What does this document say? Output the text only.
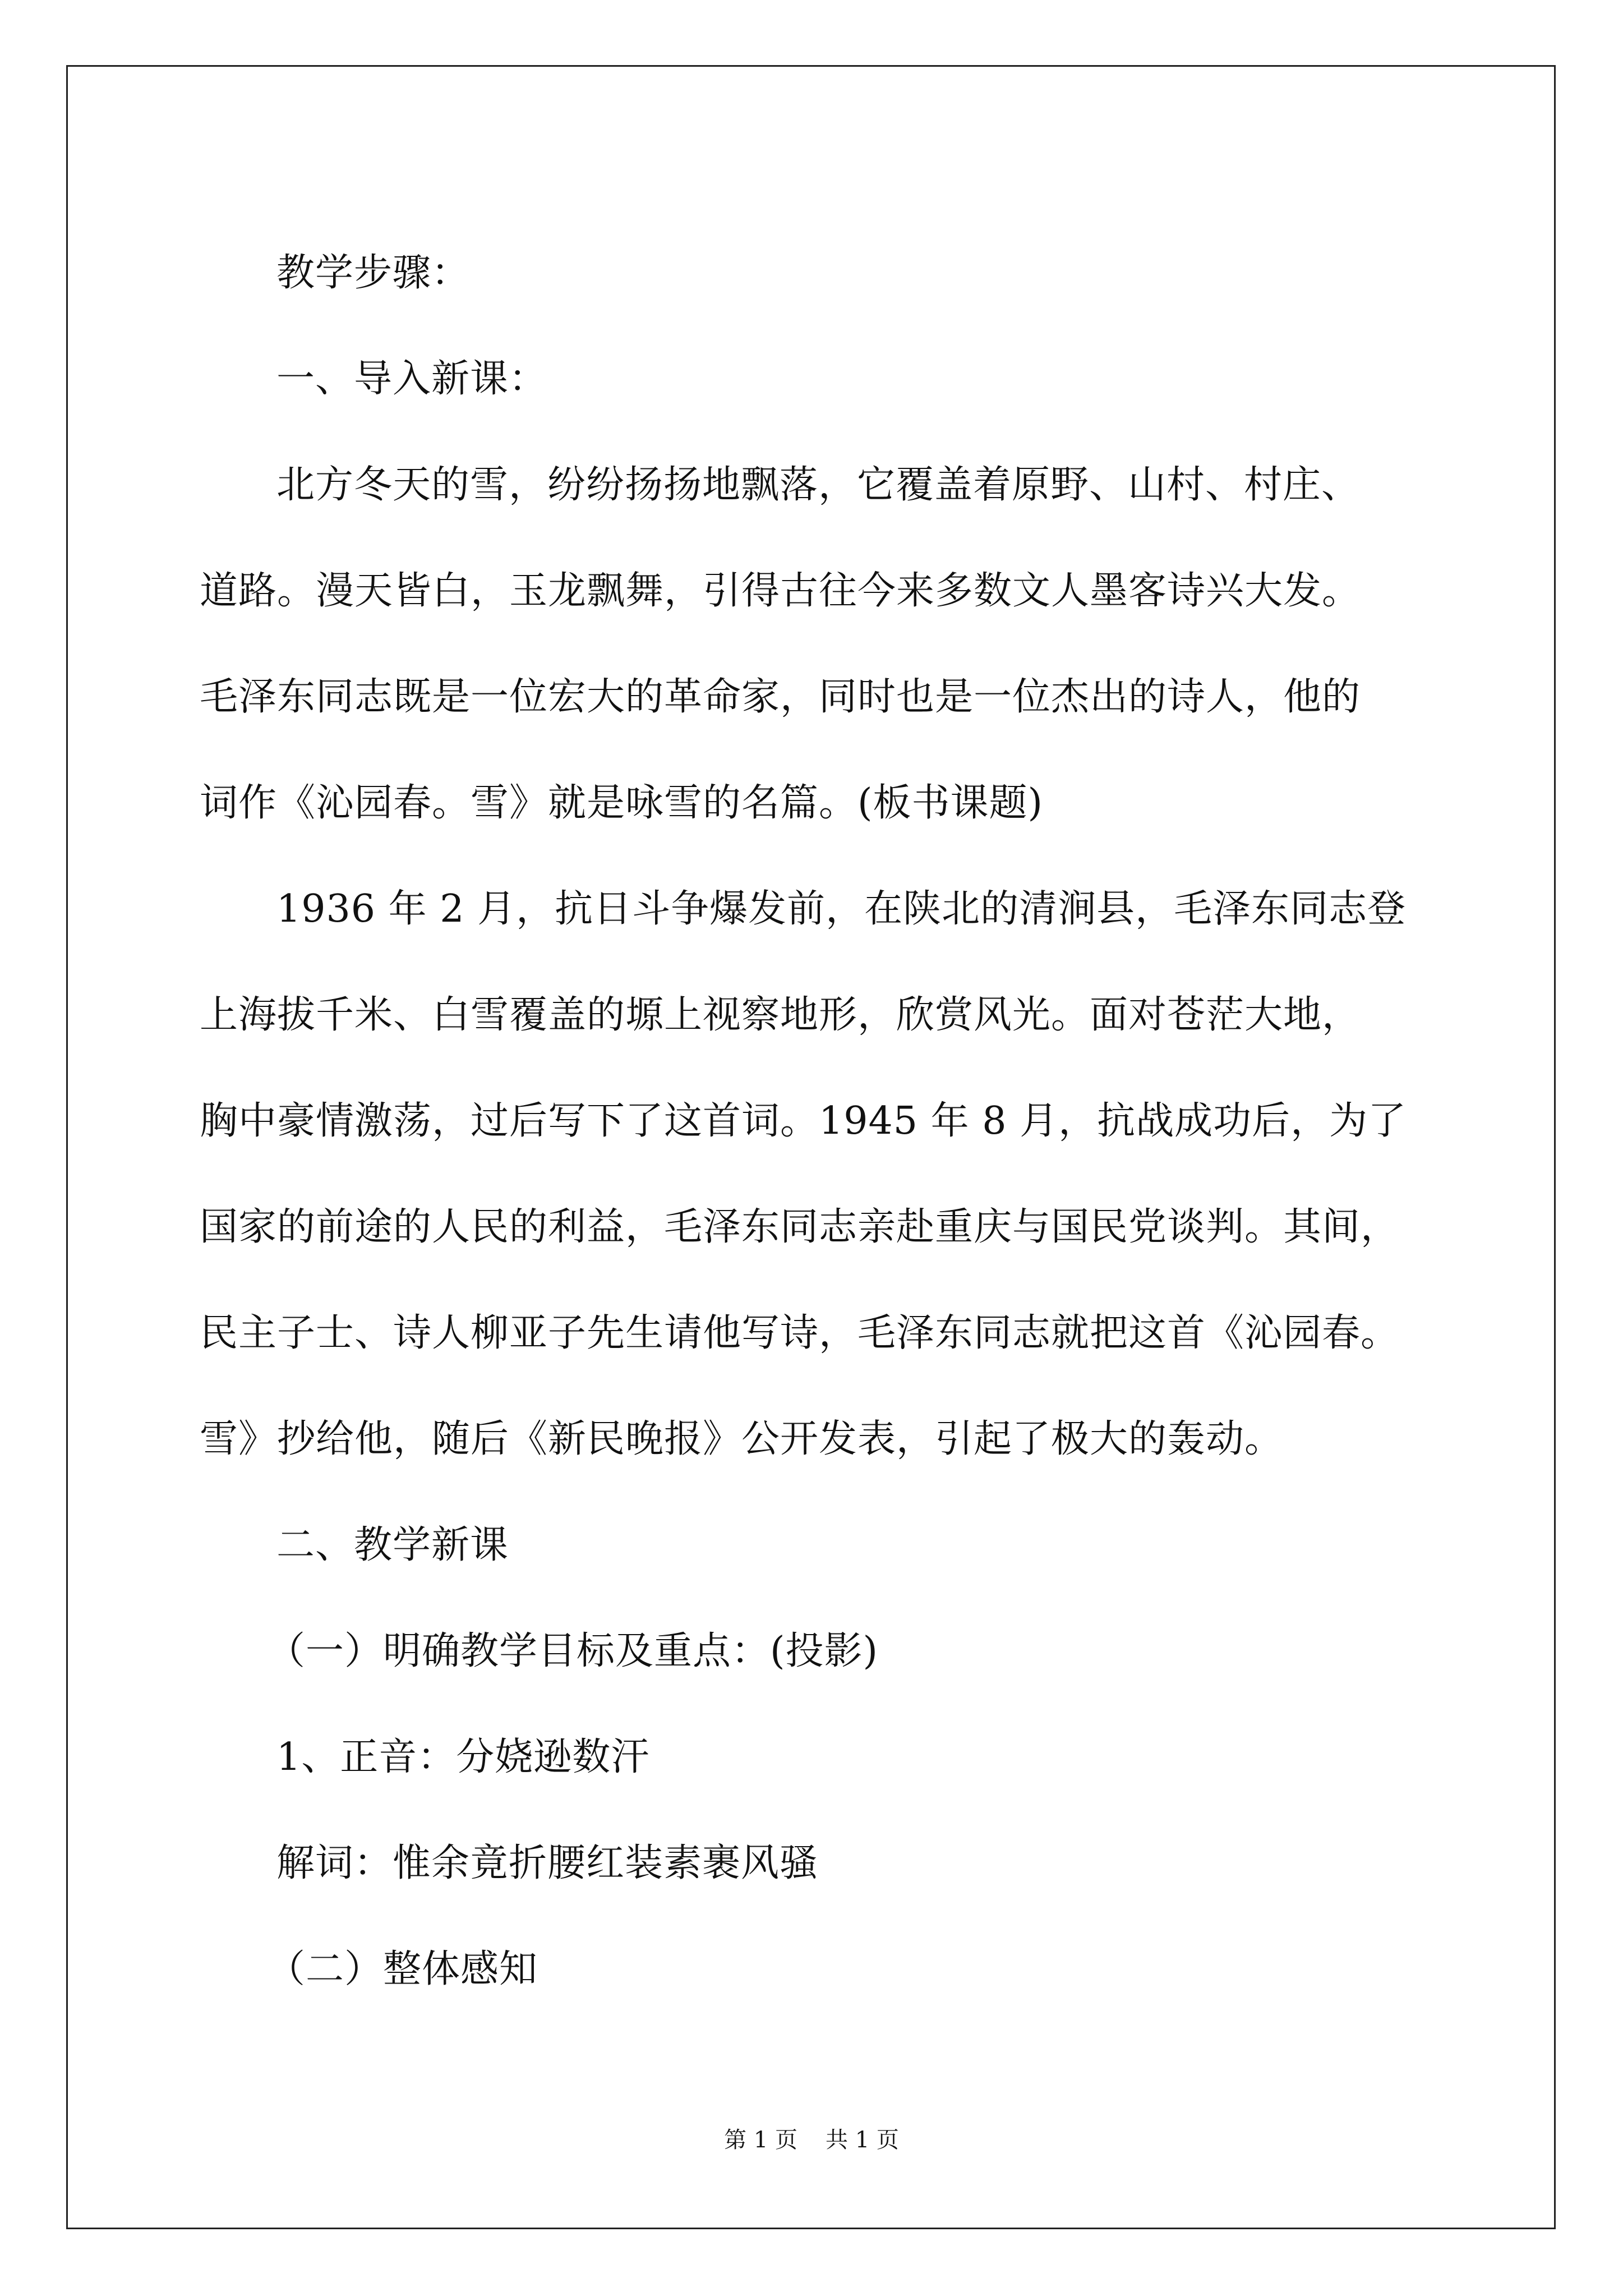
教学步骤：
一、导入新课：
北方冬天的雪，纷纷扬扬地飘落，它覆盖着原野、山村、村庄、
道路。漫天皆白，玉龙飘舞，引得古往今来多数文人墨客诗兴大发。
毛泽东同志既是一位宏大的革命家，同时也是一位杰出的诗人，他的
词作《沁园春。雪》就是咏雪的名篇。(板书课题)
1936 年 2 月，抗日斗争爆发前，在陕北的清涧县，毛泽东同志登
上海拔千米、白雪覆盖的塬上视察地形，欣赏风光。面对苍茫大地，
胸中豪情激荡，过后写下了这首词。1945 年 8 月，抗战成功后，为了
国家的前途的人民的利益，毛泽东同志亲赴重庆与国民党谈判。其间，
民主子士、诗人柳亚子先生请他写诗，毛泽东同志就把这首《沁园春。
雪》抄给他，随后《新民晚报》公开发表，引起了极大的轰动。
二、教学新课
（一）明确教学目标及重点：(投影)
1、正音：分娆逊数汗
解词：惟余竟折腰红装素裹风骚
（二）整体感知
第 1 页 共 1 页
